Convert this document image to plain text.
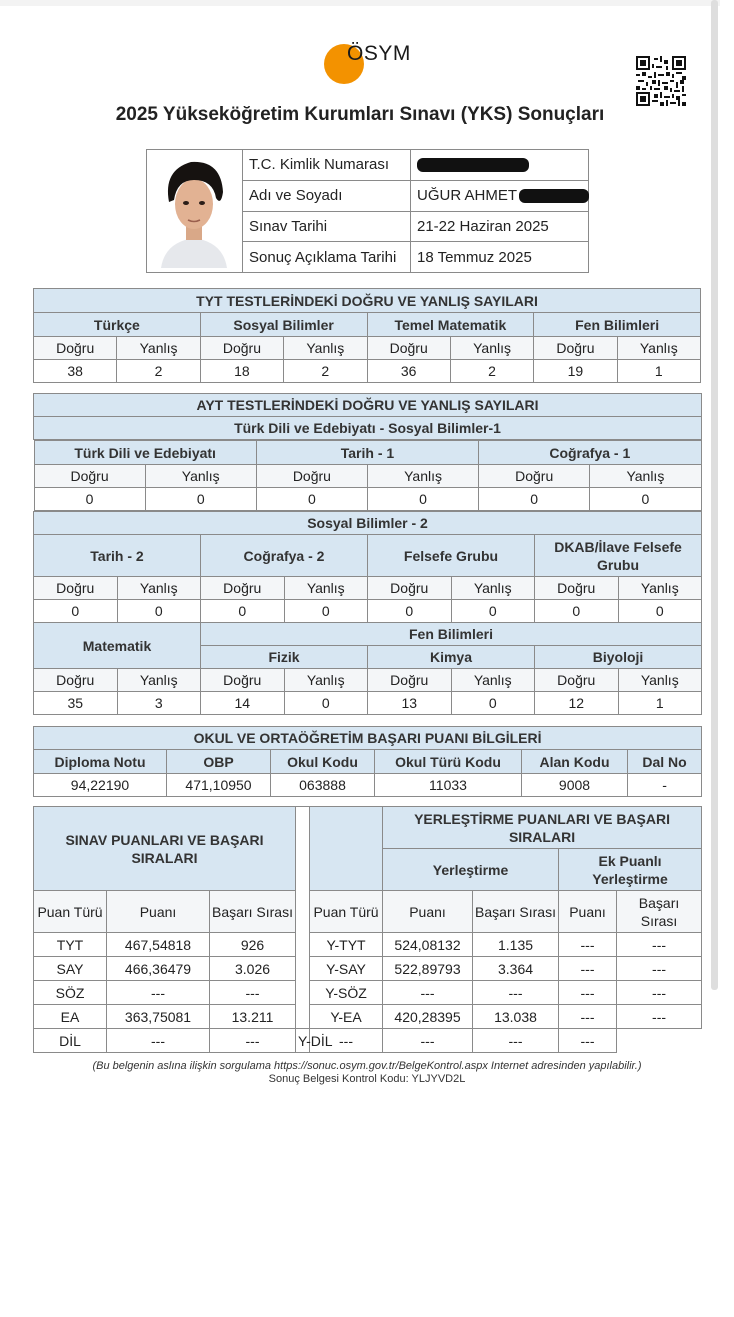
ÖSYM
2025 Yükseköğretim Kurumları Sınavı (YKS) Sonuçları
	T.C. Kimlik Numarası	
	Adı ve Soyadı	UĞUR AHMET
	Sınav Tarihi	21-22 Haziran 2025
	Sonuç Açıklama Tarihi	18 Temmuz 2025
TYT TESTLERİNDEKİ DOĞRU VE YANLIŞ SAYILARI							
Türkçe		Sosyal Bilimler		Temel Matematik		Fen Bilimleri	
Doğru	Yanlış	Doğru	Yanlış	Doğru	Yanlış	Doğru	Yanlış
38	2	18	2	36	2	19	1
AYT TESTLERİNDEKİ DOĞRU VE YANLIŞ SAYILARI
Türk Dili ve Edebiyatı - Sosyal Bilimler-1

Türk Dili ve Edebiyatı	Tarih - 1	Coğrafya - 1
Doğru	Yanlış	Doğru	Yanlış	Doğru	Yanlış
0	0	0	0	0	0

Sosyal Bilimler - 2
Tarih - 2	Coğrafya - 2	Felsefe Grubu	DKAB/İlave Felsefe Grubu
Doğru	Yanlış	Doğru	Yanlış	Doğru	Yanlış	Doğru	Yanlış
0	0	0	0	0	0	0	0
Matematik	Fen Bilimleri
Fizik	Kimya	Biyoloji
Doğru	Yanlış	Doğru	Yanlış	Doğru	Yanlış	Doğru	Yanlış
35	3	14	0	13	0	12	1
OKUL VE ORTAÖĞRETİM BAŞARI PUANI BİLGİLERİ					
Diploma Notu	OBP	Okul Kodu	Okul Türü Kodu	Alan Kodu	Dal No
94,22190	471,10950	063888	11033	9008	-
SINAV PUANLARI VE BAŞARI SIRALARI					YERLEŞTİRME PUANLARI VE BAŞARI SIRALARI			
					Yerleştirme		Ek Puanlı Yerleştirme	
Puan Türü	Puanı	Başarı Sırası		Puan Türü	Puanı	Başarı Sırası	Puanı	Başarı Sırası
TYT	467,54818	926		Y-TYT	524,08132	1.135	---	---
SAY	466,36479	3.026		Y-SAY	522,89793	3.364	---	---
SÖZ	---	---		Y-SÖZ	---	---	---	---
EA	363,75081	13.211		Y-EA	420,28395	13.038	---	---
DİL	---	---	Y-DİL	---	---	---	---	
(Bu belgenin aslına ilişkin sorgulama https://sonuc.osym.gov.tr/BelgeKontrol.aspx Internet adresinden yapılabilir.)
Sonuç Belgesi Kontrol Kodu: YLJYVD2L
